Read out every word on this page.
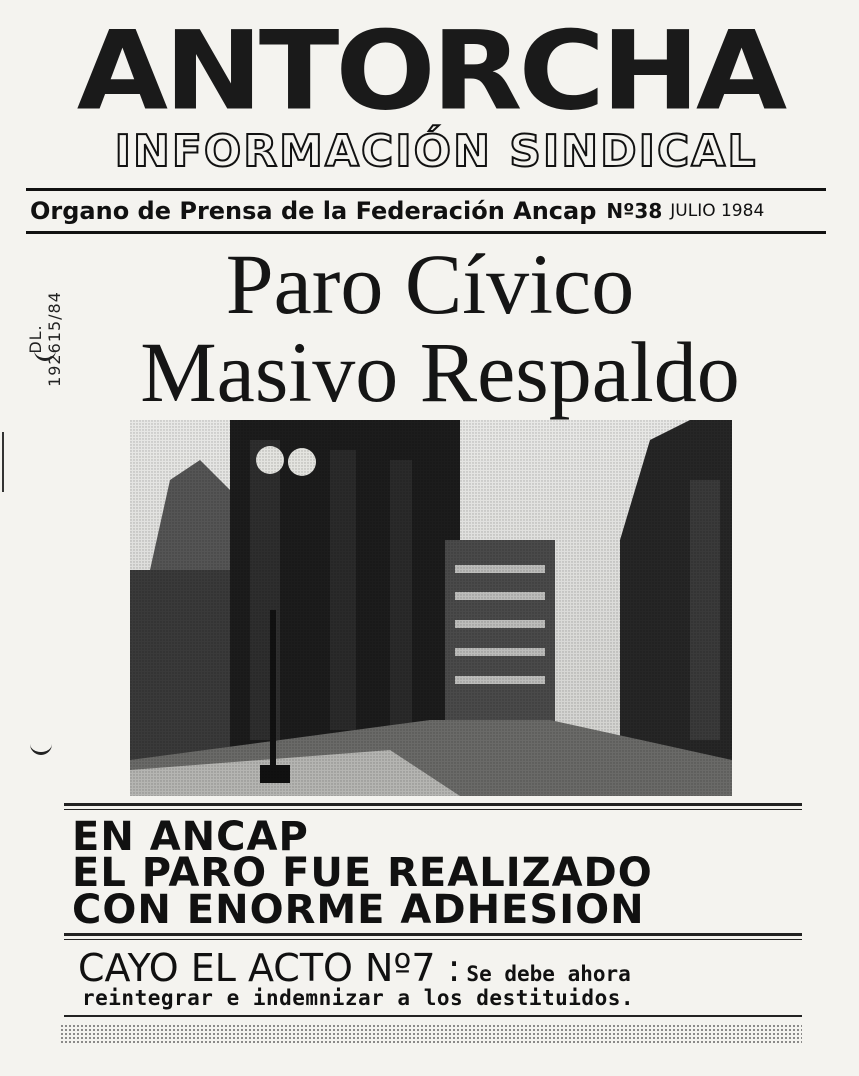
ANTORCHA
INFORMACIÓN SINDICAL
Organo de Prensa de la Federación Ancap Nº38 JULIO 1984
DL. 192615/84
Paro Cívico
Masivo Respaldo
EN ANCAP
EL PARO FUE REALIZADO
CON ENORME ADHESION
CAYO EL ACTO Nº7 : Se debe ahora
reintegrar e indemnizar a los destituidos.
